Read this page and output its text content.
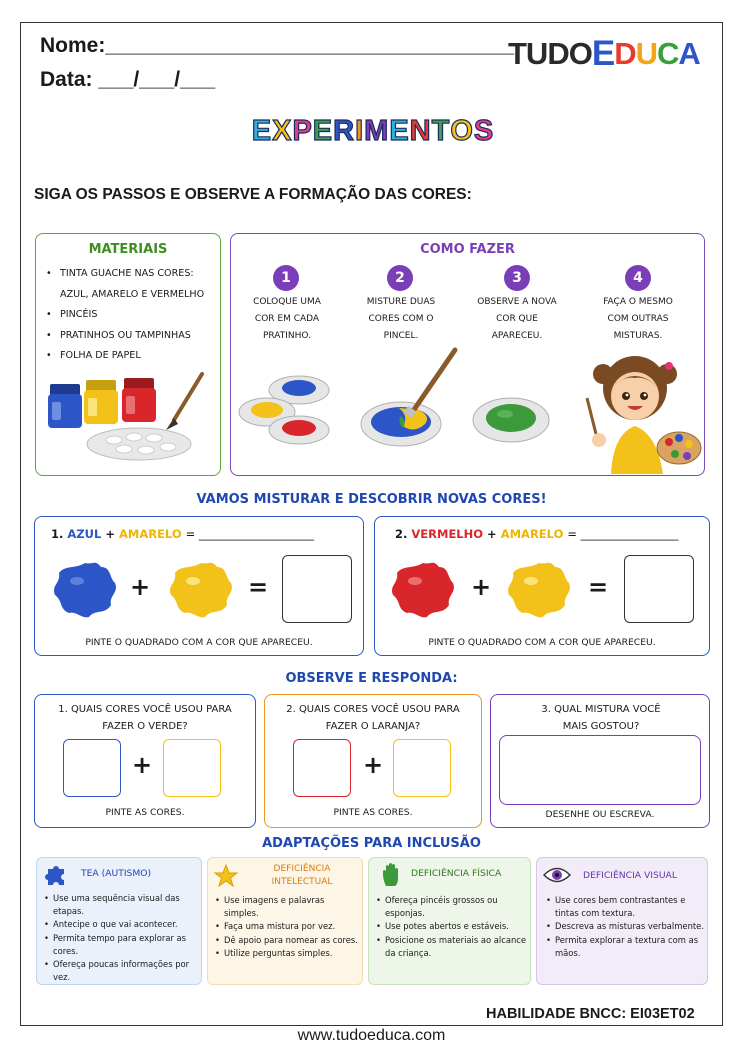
Nome:___________________________________
Data: ___/___/___
TUDO E DUCA
E X P E R I M E N T O S
SIGA OS PASSOS E OBSERVE A FORMAÇÃO DAS CORES:
MATERIAIS
• TINTA GUACHE NAS CORES: AZUL, AMARELO E VERMELHO
• PINCÉIS
• PRATINHOS OU TAMPINHAS
• FOLHA DE PAPEL
COMO FAZER
1
COLOQUE UMA COR EM CADA PRATINHO.
2
MISTURE DUAS CORES COM O PINCEL.
3
OBSERVE A NOVA COR QUE APARECEU.
4
FAÇA O MESMO COM OUTRAS MISTURAS.
VAMOS MISTURAR E DESCOBRIR NOVAS CORES!
1. AZUL + AMARELO = ____________________
+	=
PINTE O QUADRADO COM A COR QUE APARECEU.
2. VERMELHO + AMARELO = _________________
+	=
PINTE O QUADRADO COM A COR QUE APARECEU.
OBSERVE E RESPONDA:
1. QUAIS CORES VOCÊ USOU PARA FAZER O VERDE?
+
PINTE AS CORES.
2. QUAIS CORES VOCÊ USOU PARA FAZER O LARANJA?
+
PINTE AS CORES.
3. QUAL MISTURA VOCÊ MAIS GOSTOU?
DESENHE OU ESCREVA.
ADAPTAÇÕES PARA INCLUSÃO
TEA (AUTISMO)
• Use uma sequência visual das etapas.
• Antecipe o que vai acontecer.
• Permita tempo para explorar as cores.
• Ofereça poucas informações por vez.
DEFICIÊNCIA INTELECTUAL
• Use imagens e palavras simples.
• Faça uma mistura por vez.
• Dê apoio para nomear as cores.
• Utilize perguntas simples.
DEFICIÊNCIA FÍSICA
• Ofereça pincéis grossos ou esponjas.
• Use potes abertos e estáveis.
• Posicione os materiais ao alcance da criança.
DEFICIÊNCIA VISUAL
• Use cores bem contrastantes e tintas com textura.
• Descreva as misturas verbalmente.
• Permita explorar a textura com as mãos.
HABILIDADE BNCC: EI03ET02
www.tudoeduca.com
